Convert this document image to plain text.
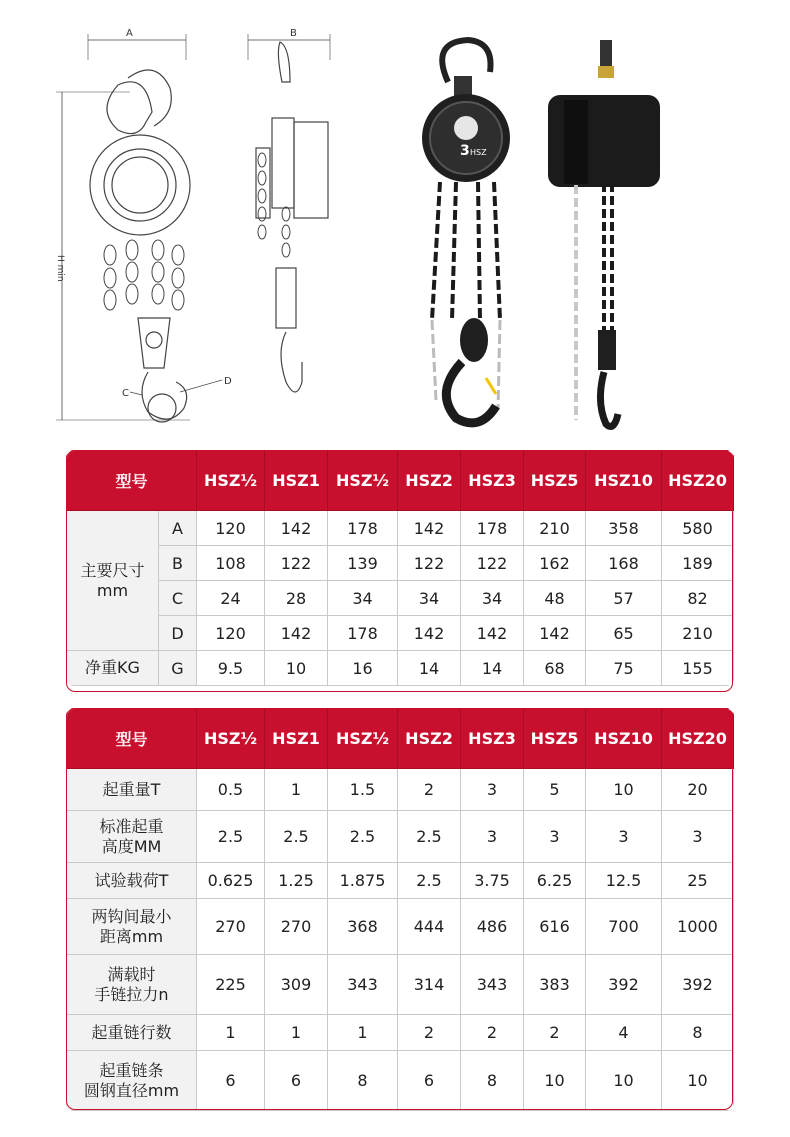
A
H min
C
D
B
3 HSZ
型号		HSZ½	HSZ1	HSZ½	HSZ2	HSZ3	HSZ5	HSZ10	HSZ20
主要尺寸
mm	A	120	142	178	142	178	210	358	580
	B	108	122	139	122	122	162	168	189
	C	24	28	34	34	34	48	57	82
	D	120	142	178	142	142	142	65	210
净重KG	G	9.5	10	16	14	14	68	75	155
型号	HSZ½	HSZ1	HSZ½	HSZ2	HSZ3	HSZ5	HSZ10	HSZ20
起重量T	0.5	1	1.5	2	3	5	10	20
标准起重
高度MM	2.5	2.5	2.5	2.5	3	3	3	3
试验载荷T	0.625	1.25	1.875	2.5	3.75	6.25	12.5	25
两钩间最小
距离mm	270	270	368	444	486	616	700	1000
满载时
手链拉力n	225	309	343	314	343	383	392	392
起重链行数	1	1	1	2	2	2	4	8
起重链条
圆钢直径mm	6	6	8	6	8	10	10	10
